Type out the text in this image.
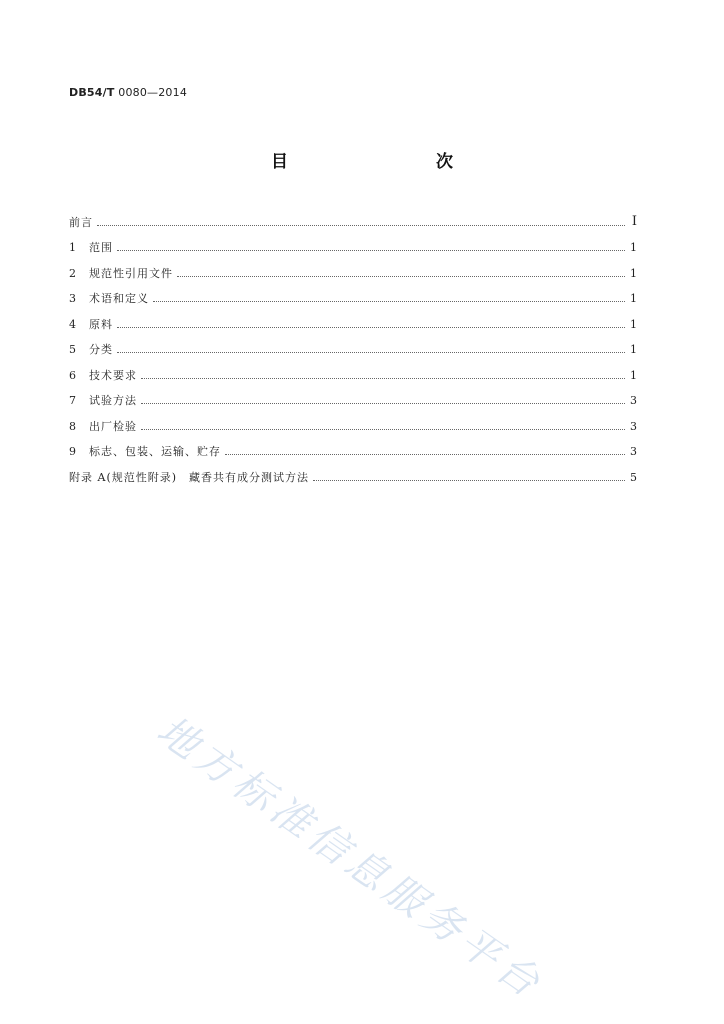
DB54/T 0080—2014
目　　次
前言	I
1	范围	1
2	规范性引用文件	1
3	术语和定义	1
4	原料	1
5	分类	1
6	技术要求	1
7	试验方法	3
8	出厂检验	3
9	标志、包装、运输、贮存	3
附录 A(规范性附录)　藏香共有成分测试方法	5
地方标准信息服务平台
